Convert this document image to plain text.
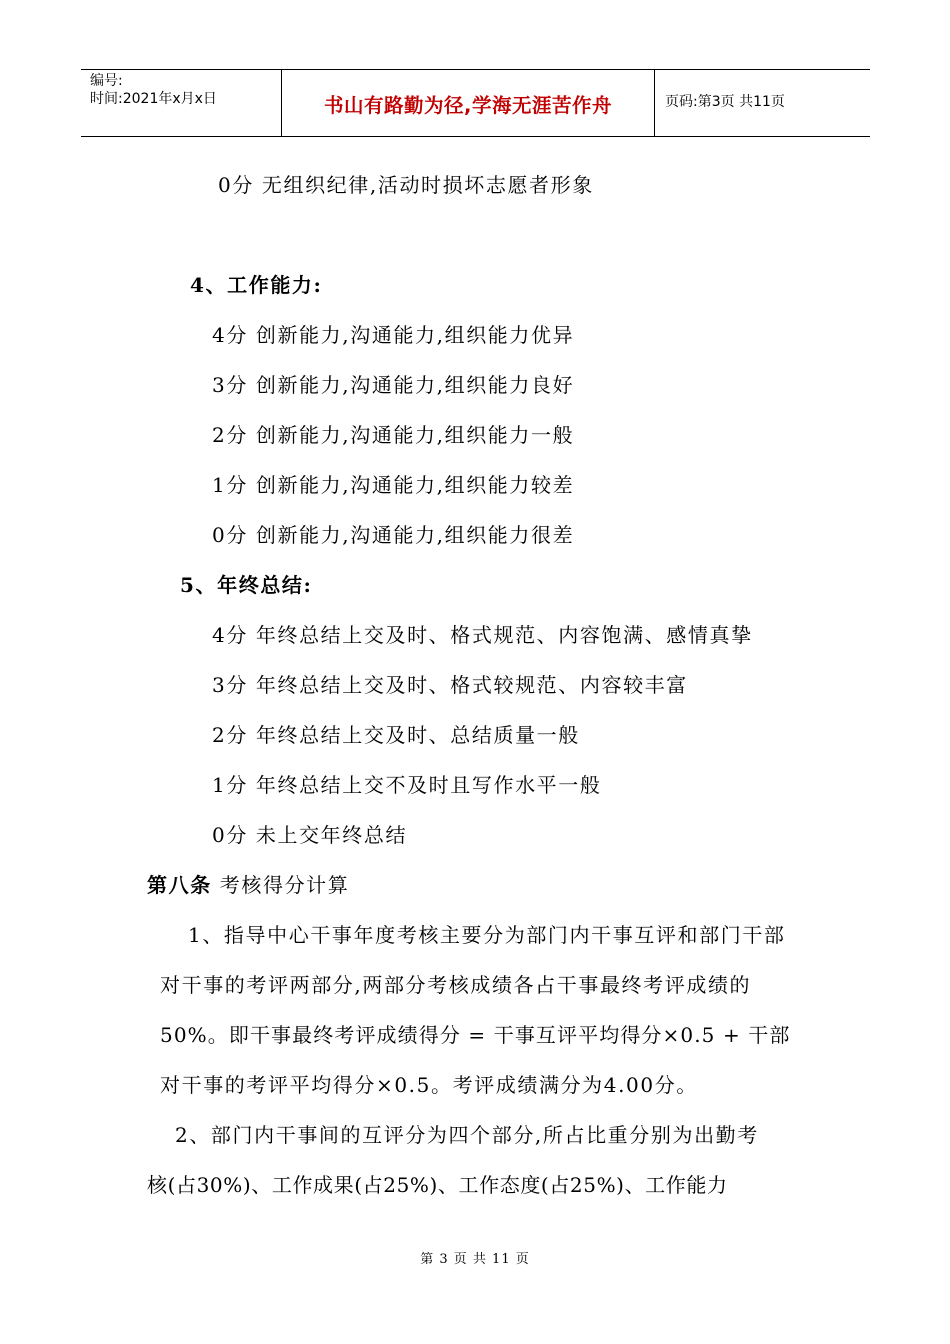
编号:
时间:2021年x月x日	书山有路勤为径,学海无涯苦作舟	页码:第3页 共11页
0分 无组织纪律,活动时损坏志愿者形象
4、工作能力:
4分 创新能力,沟通能力,组织能力优异
3分 创新能力,沟通能力,组织能力良好
2分 创新能力,沟通能力,组织能力一般
1分 创新能力,沟通能力,组织能力较差
0分 创新能力,沟通能力,组织能力很差
5、年终总结:
4分 年终总结上交及时、格式规范、内容饱满、感情真挚
3分 年终总结上交及时、格式较规范、内容较丰富
2分 年终总结上交及时、总结质量一般
1分 年终总结上交不及时且写作水平一般
0分 未上交年终总结
第八条 考核得分计算
1、指导中心干事年度考核主要分为部门内干事互评和部门干部
对干事的考评两部分,两部分考核成绩各占干事最终考评成绩的
50%。即干事最终考评成绩得分 = 干事互评平均得分×0.5 + 干部
对干事的考评平均得分×0.5。考评成绩满分为4.00分。
2、部门内干事间的互评分为四个部分,所占比重分别为出勤考
核(占30%)、工作成果(占25%)、工作态度(占25%)、工作能力
第 3 页 共 11 页
